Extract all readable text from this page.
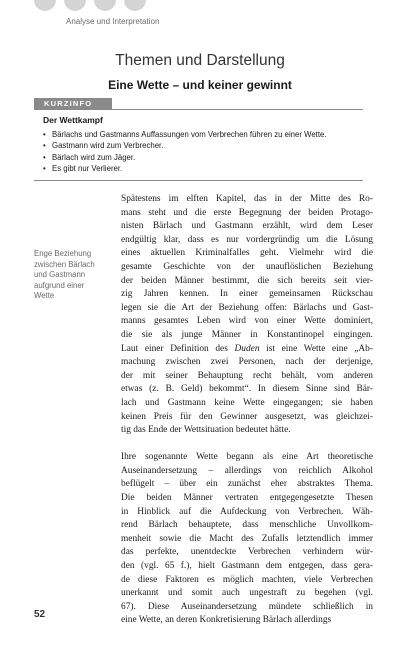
Analyse und Interpretation
Themen und Darstellung
Eine Wette – und keiner gewinnt
KURZINFO
Der Wettkampf
• Bärlachs und Gastmanns Auffassungen vom Verbrechen führen zu einer Wette.
• Gastmann wird zum Verbrecher.
• Bärlach wird zum Jäger.
• Es gibt nur Verlierer.
Enge Beziehung zwischen Bärlach und Gastmann aufgrund einer Wette
Spätestens im elften Kapitel, das in der Mitte des Ro-
mans steht und die erste Begegnung der beiden Protago-
nisten Bärlach und Gastmann erzählt, wird dem Leser
endgültig klar, dass es nur vordergründig um die Lösung
eines aktuellen Kriminalfalles geht. Vielmehr wird die
gesamte Geschichte von der unauflöslichen Beziehung
der beiden Männer bestimmt, die sich bereits seit vier-
zig Jahren kennen. In einer gemeinsamen Rückschau
legen sie die Art der Beziehung offen: Bärlachs und Gast-
manns gesamtes Leben wird von einer Wette dominiert,
die sie als junge Männer in Konstantinopel eingingen.
Laut einer Definition des Duden ist eine Wette eine „Ab-
machung zwischen zwei Personen, nach der derjenige,
der mit seiner Behauptung recht behält, vom anderen
etwas (z. B. Geld) bekommt“. In diesem Sinne sind Bär-
lach und Gastmann keine Wette eingegangen; sie haben
keinen Preis für den Gewinner ausgesetzt, was gleichzei-
tig das Ende der Wettsituation bedeutet hätte.
Ihre sogenannte Wette begann als eine Art theoretische
Auseinandersetzung – allerdings von reichlich Alkohol
beflügelt – über ein zunächst eher abstraktes Thema.
Die beiden Männer vertraten entgegengesetzte Thesen
in Hinblick auf die Aufdeckung von Verbrechen. Wäh-
rend Bärlach behauptete, dass menschliche Unvollkom-
menheit sowie die Macht des Zufalls letztendlich immer
das perfekte, unentdeckte Verbrechen verhindern wür-
den (vgl. 65 f.), hielt Gastmann dem entgegen, dass gera-
de diese Faktoren es möglich machten, viele Verbrechen
unerkannt und somit auch ungestraft zu begehen (vgl.
67). Diese Auseinandersetzung mündete schließlich in
eine Wette, an deren Konkretisierung Bärlach allerdings
52
